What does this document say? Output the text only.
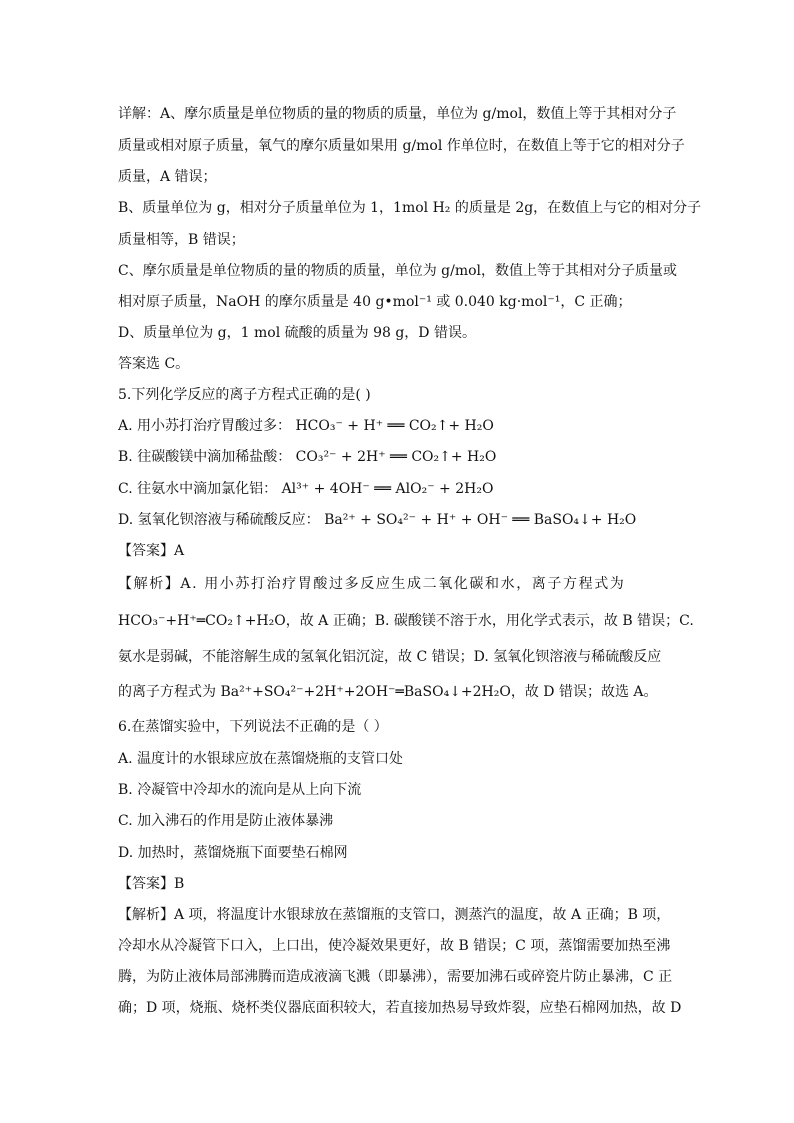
详解：A、摩尔质量是单位物质的量的物质的质量，单位为 g/mol，数值上等于其相对分子
质量或相对原子质量，氧气的摩尔质量如果用 g/mol 作单位时，在数值上等于它的相对分子
质量，A 错误；
B、质量单位为 g，相对分子质量单位为 1，1mol H₂ 的质量是 2g，在数值上与它的相对分子
质量相等，B 错误；
C、摩尔质量是单位物质的量的物质的质量，单位为 g/mol，数值上等于其相对分子质量或
相对原子质量，NaOH 的摩尔质量是 40 g•mol⁻¹ 或 0.040 kg·mol⁻¹，C 正确；
D、质量单位为 g，1 mol 硫酸的质量为 98 g，D 错误。
答案选 C。
5.下列化学反应的离子方程式正确的是( )
A. 用小苏打治疗胃酸过多： HCO₃⁻ + H⁺ ══ CO₂↑+ H₂O
B. 往碳酸镁中滴加稀盐酸： CO₃²⁻ + 2H⁺ ══ CO₂↑+ H₂O
C. 往氨水中滴加氯化铝： Al³⁺ + 4OH⁻ ══ AlO₂⁻ + 2H₂O
D. 氢氧化钡溶液与稀硫酸反应： Ba²⁺ + SO₄²⁻ + H⁺ + OH⁻ ══ BaSO₄↓+ H₂O
【答案】A
【解析】A. 用小苏打治疗胃酸过多反应生成二氧化碳和水，离子方程式为
HCO₃⁻+H⁺═CO₂↑+H₂O，故 A 正确；B. 碳酸镁不溶于水，用化学式表示，故 B 错误；C.
氨水是弱碱，不能溶解生成的氢氧化铝沉淀，故 C 错误；D. 氢氧化钡溶液与稀硫酸反应
的离子方程式为 Ba²⁺+SO₄²⁻+2H⁺+2OH⁻═BaSO₄↓+2H₂O，故 D 错误；故选 A。
6.在蒸馏实验中，下列说法不正确的是（ ）
A. 温度计的水银球应放在蒸馏烧瓶的支管口处
B. 冷凝管中冷却水的流向是从上向下流
C. 加入沸石的作用是防止液体暴沸
D. 加热时，蒸馏烧瓶下面要垫石棉网
【答案】B
【解析】A 项，将温度计水银球放在蒸馏瓶的支管口，测蒸汽的温度，故 A 正确；B 项，
冷却水从冷凝管下口入，上口出，使冷凝效果更好，故 B 错误；C 项，蒸馏需要加热至沸
腾，为防止液体局部沸腾而造成液滴飞溅（即暴沸），需要加沸石或碎瓷片防止暴沸，C 正
确；D 项，烧瓶、烧杯类仪器底面积较大，若直接加热易导致炸裂，应垫石棉网加热，故 D
